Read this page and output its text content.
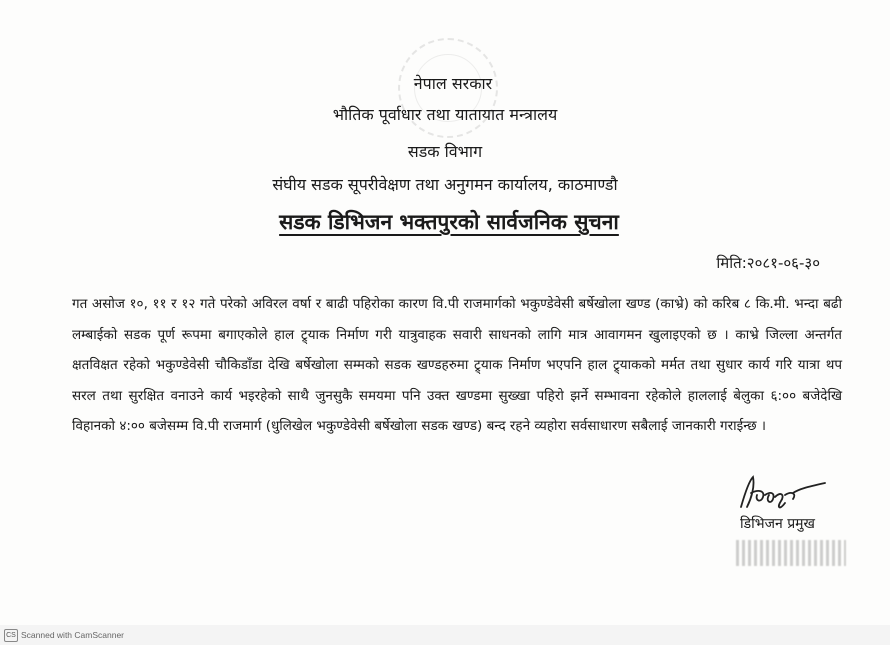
नेपाल सरकार
भौतिक पूर्वाधार तथा यातायात मन्त्रालय
सडक विभाग
संघीय सडक सूपरीवेक्षण तथा अनुगमन कार्यालय, काठमाण्डौ
सडक डिभिजन भक्तपुरको सार्वजनिक सुचना
मिति:२०८१-०६-३०
गत असोज १०, ११ र १२ गते परेको अविरल वर्षा र बाढी पहिरोका कारण वि.पी राजमार्गको भकुण्डेवेसी बर्षेखोला खण्ड (काभ्रे) को करिब ८ कि.मी. भन्दा बढी लम्बाईको सडक पूर्ण रूपमा बगाएकोले हाल ट्र्याक निर्माण गरी यात्रुवाहक सवारी साधनको लागि मात्र आवागमन खुलाइएको छ । काभ्रे जिल्ला अन्तर्गत क्षतविक्षत रहेको भकुण्डेवेसी चौकिडाँडा देखि बर्षेखोला सम्मको सडक खण्डहरुमा ट्र्याक निर्माण भएपनि हाल ट्र्याकको मर्मत तथा सुधार कार्य गरि यात्रा थप सरल तथा सुरक्षित वनाउने कार्य भइरहेको साथै जुनसुकै समयमा पनि उक्त खण्डमा सुख्खा पहिरो झर्ने सम्भावना रहेकोले हाललाई बेलुका ६:०० बजेदेखि विहानको ४:०० बजेसम्म वि.पी राजमार्ग (धुलिखेल भकुण्डेवेसी बर्षेखोला सडक खण्ड) बन्द रहने व्यहोरा सर्वसाधारण सबैलाई जानकारी गराईन्छ ।
डिभिजन प्रमुख
CS Scanned with CamScanner
